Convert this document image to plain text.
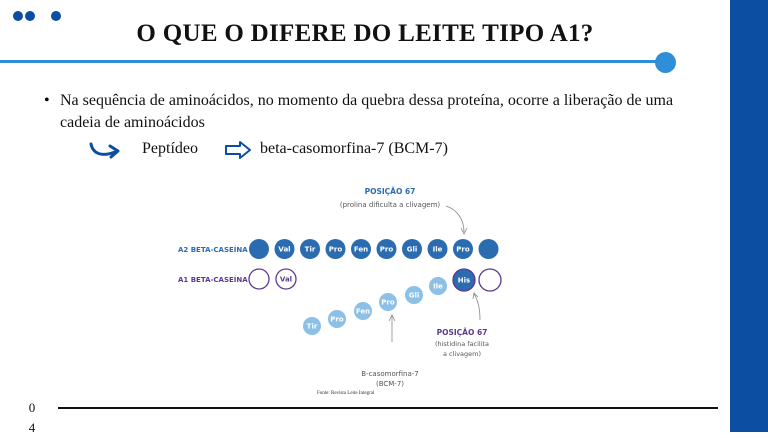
O QUE O DIFERE DO LEITE TIPO A1?
• Na sequência de aminoácidos, no momento da quebra dessa proteína, ocorre a liberação de uma cadeia de aminoácidos
Peptídeo	beta-casomorfina-7 (BCM-7)
POSIÇÃO 67
(prolina dificulta a clivagem)
A2 BETA-CASEÍNA
A1 BETA-CASEÍNA
Val Tir Pro Fen Pro Gli Ile Pro
Val	His
Tir
Pro
Fen
Pro
Gli
Ile
POSIÇÃO 67
(histidina facilita
a clivagem)
B-casomorfina-7
(BCM-7)
Fonte: Revista Leite Integral
0
4
